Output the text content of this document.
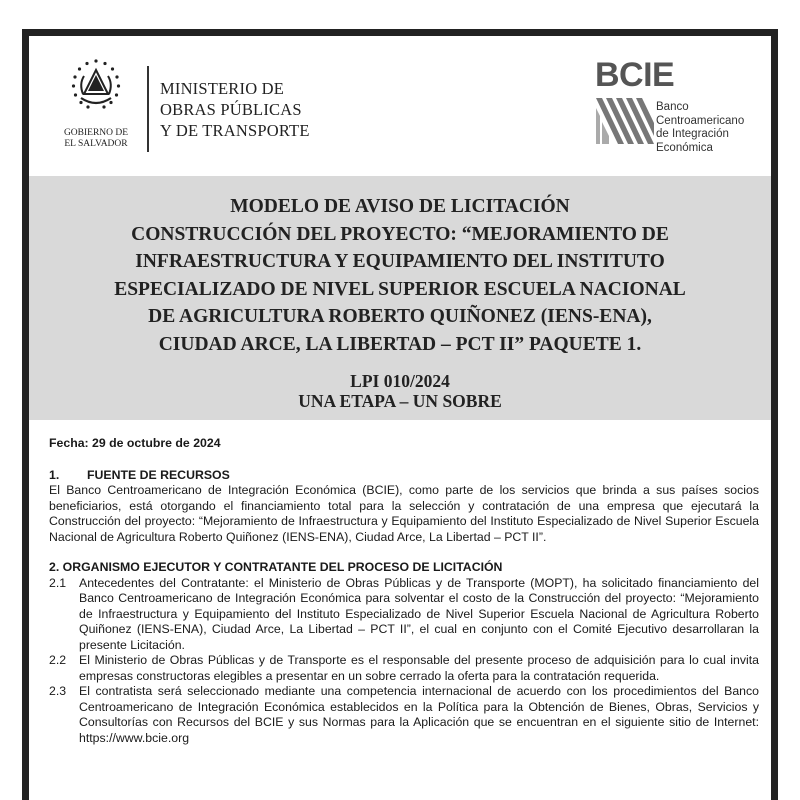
GOBIERNO DE
EL SALVADOR
MINISTERIO DE
OBRAS PÚBLICAS
Y DE TRANSPORTE
BCIE
Banco
Centroamericano
de Integración
Económica
MODELO DE AVISO DE LICITACIÓN
CONSTRUCCIÓN DEL PROYECTO: “MEJORAMIENTO DE
INFRAESTRUCTURA Y EQUIPAMIENTO DEL INSTITUTO
ESPECIALIZADO DE NIVEL SUPERIOR ESCUELA NACIONAL
DE AGRICULTURA ROBERTO QUIÑONEZ (IENS-ENA),
CIUDAD ARCE, LA LIBERTAD – PCT II” PAQUETE 1.
LPI 010/2024
UNA ETAPA – UN SOBRE
Fecha: 29 de octubre de 2024
1. FUENTE DE RECURSOS
El Banco Centroamericano de Integración Económica (BCIE), como parte de los servicios que brinda a sus países socios beneficiarios, está otorgando el financiamiento total para la selección y contratación de una empresa que ejecutará la Construcción del proyecto: “Mejoramiento de Infraestructura y Equipamiento del Instituto Especializado de Nivel Superior Escuela Nacional de Agricultura Roberto Quiñonez (IENS-ENA), Ciudad Arce, La Libertad – PCT II”.
2. ORGANISMO EJECUTOR Y CONTRATANTE DEL PROCESO DE LICITACIÓN
2.1 Antecedentes del Contratante: el Ministerio de Obras Públicas y de Transporte (MOPT), ha solicitado financiamiento del Banco Centroamericano de Integración Económica para solventar el costo de la Construcción del proyecto: “Mejoramiento de Infraestructura y Equipamiento del Instituto Especializado de Nivel Superior Escuela Nacional de Agricultura Roberto Quiñonez (IENS-ENA), Ciudad Arce, La Libertad – PCT II”, el cual en conjunto con el Comité Ejecutivo desarrollaran la presente Licitación.
2.2 El Ministerio de Obras Públicas y de Transporte es el responsable del presente proceso de adquisición para lo cual invita empresas constructoras elegibles a presentar en un sobre cerrado la oferta para la contratación requerida.
2.3 El contratista será seleccionado mediante una competencia internacional de acuerdo con los procedimientos del Banco Centroamericano de Integración Económica establecidos en la Política para la Obtención de Bienes, Obras, Servicios y Consultorías con Recursos del BCIE y sus Normas para la Aplicación que se encuentran en el siguiente sitio de Internet: https://www.bcie.org
